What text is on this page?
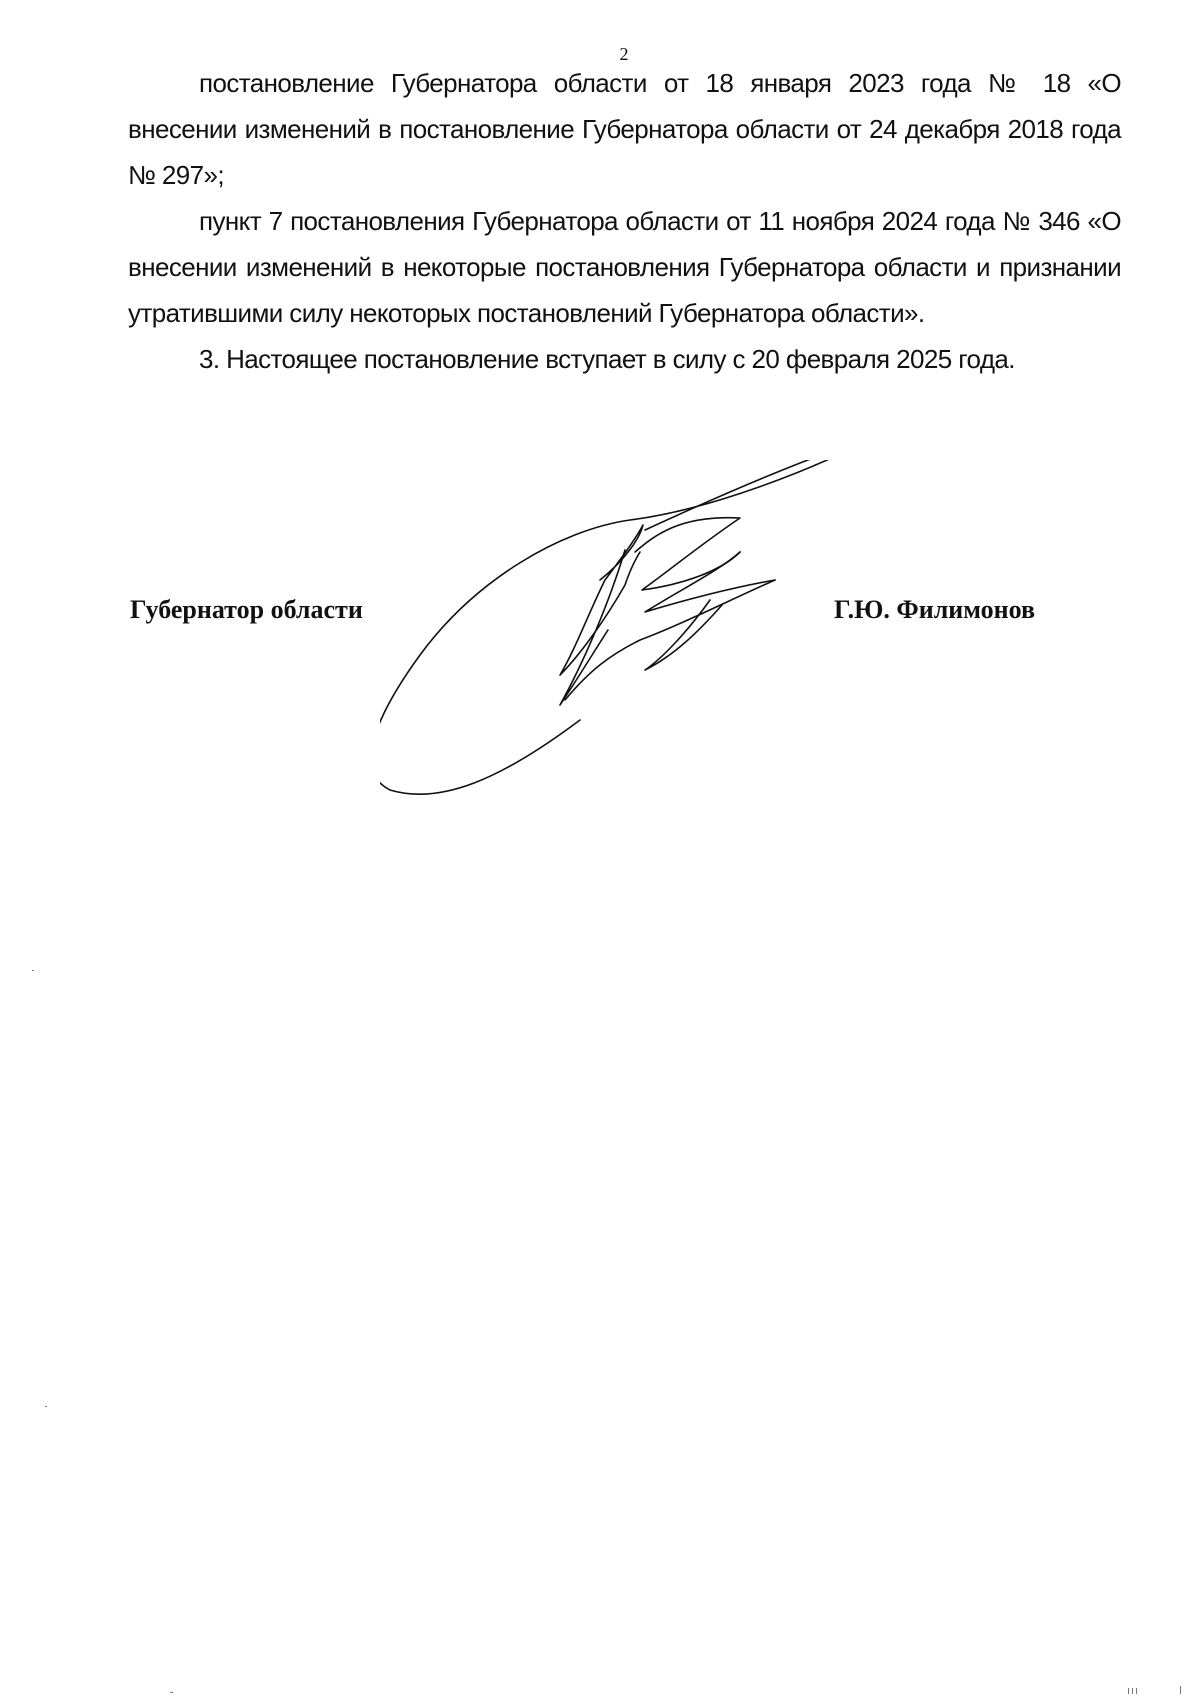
2

постановление Губернатора области от 18 января 2023 года № 18 «О внесении изменений в постановление Губернатора области от 24 декабря 2018 года № 297»;

пункт 7 постановления Губернатора области от 11 ноября 2024 года № 346 «О внесении изменений в некоторые постановления Губернатора области и признании утратившими силу некоторых постановлений Губернатора области».

3. Настоящее постановление вступает в силу с 20 февраля 2025 года.

Губернатор области	Г.Ю. Филимонов
